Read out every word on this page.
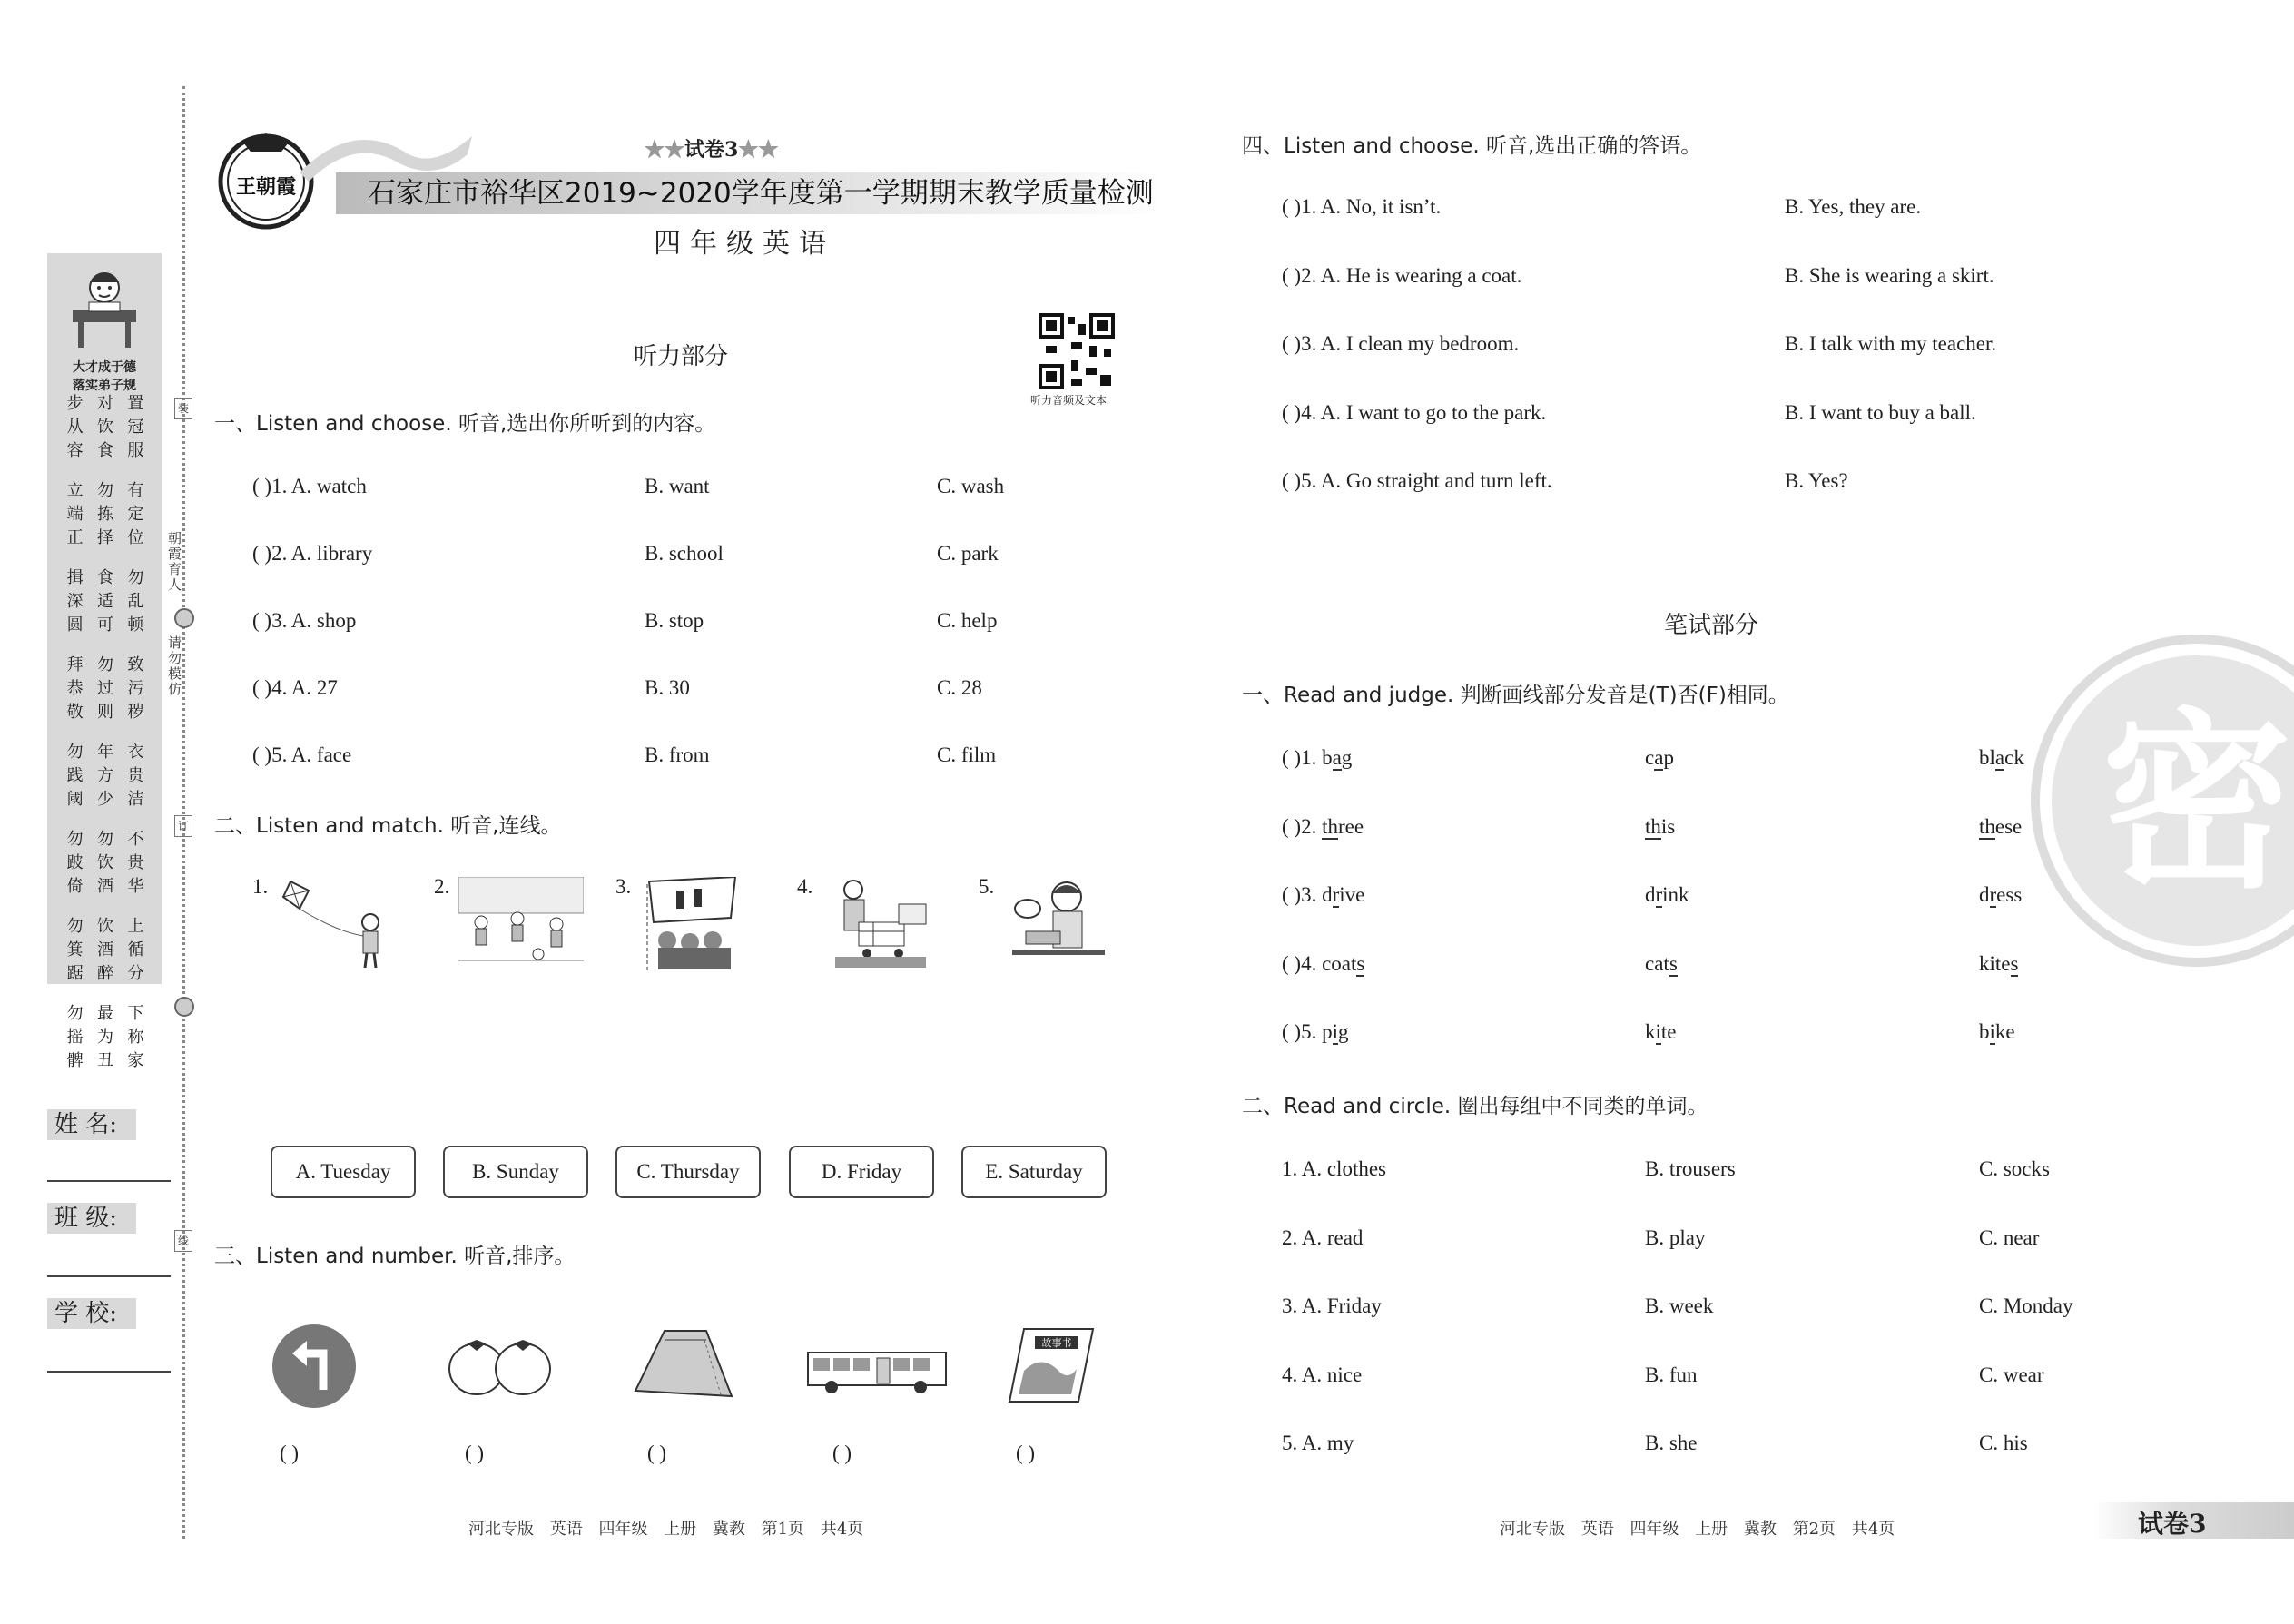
大才成于德
落实弟子规
步 对 置
从 饮 冠
容 食 服
立 勿 有
端 拣 定
正 择 位
揖 食 勿
深 适 乱
圆 可 顿
拜 勿 致
恭 过 污
敬 则 秽
勿 年 衣
践 方 贵
阈 少 洁
勿 勿 不
跛 饮 贵
倚 酒 华
勿 饮 上
箕 酒 循
踞 醉 分
勿 最 下
摇 为 称
髀 丑 家
装
订
线
朝霞育人
请勿模仿
姓 名:
班 级:
学 校:
王朝霞
★★试卷3★★
石家庄市裕华区2019~2020学年度第一学期期末教学质量检测
四年级英语
听力部分
听力音频及文本
一、Listen and choose. 听音,选出你所听到的内容。
( )1. A. watch	B. want	C. wash
( )2. A. library	B. school	C. park
( )3. A. shop	B. stop	C. help
( )4. A. 27	B. 30	C. 28
( )5. A. face	B. from	C. film
二、Listen and match. 听音,连线。
1.	2.	3.	4.	5.
A. Tuesday	B. Sunday	C. Thursday	D. Friday	E. Saturday
三、Listen and number. 听音,排序。
故事书
( )	( )	( )	( )	( )
河北专版 英语 四年级 上册 冀教 第1页 共4页
四、Listen and choose. 听音,选出正确的答语。
( )1. A. No, it isn’t.	B. Yes, they are.
( )2. A. He is wearing a coat.	B. She is wearing a skirt.
( )3. A. I clean my bedroom.	B. I talk with my teacher.
( )4. A. I want to go to the park.	B. I want to buy a ball.
( )5. A. Go straight and turn left.	B. Yes?
笔试部分
一、Read and judge. 判断画线部分发音是(T)否(F)相同。
( )1. bag	cap	black
( )2. three	this	these
( )3. drive	drink	dress
( )4. coats	cats	kites
( )5. pig	kite	bike
二、Read and circle. 圈出每组中不同类的单词。
1. A. clothes	B. trousers	C. socks
2. A. read	B. play	C. near
3. A. Friday	B. week	C. Monday
4. A. nice	B. fun	C. wear
5. A. my	B. she	C. his
密
河北专版 英语 四年级 上册 冀教 第2页 共4页	试卷3
